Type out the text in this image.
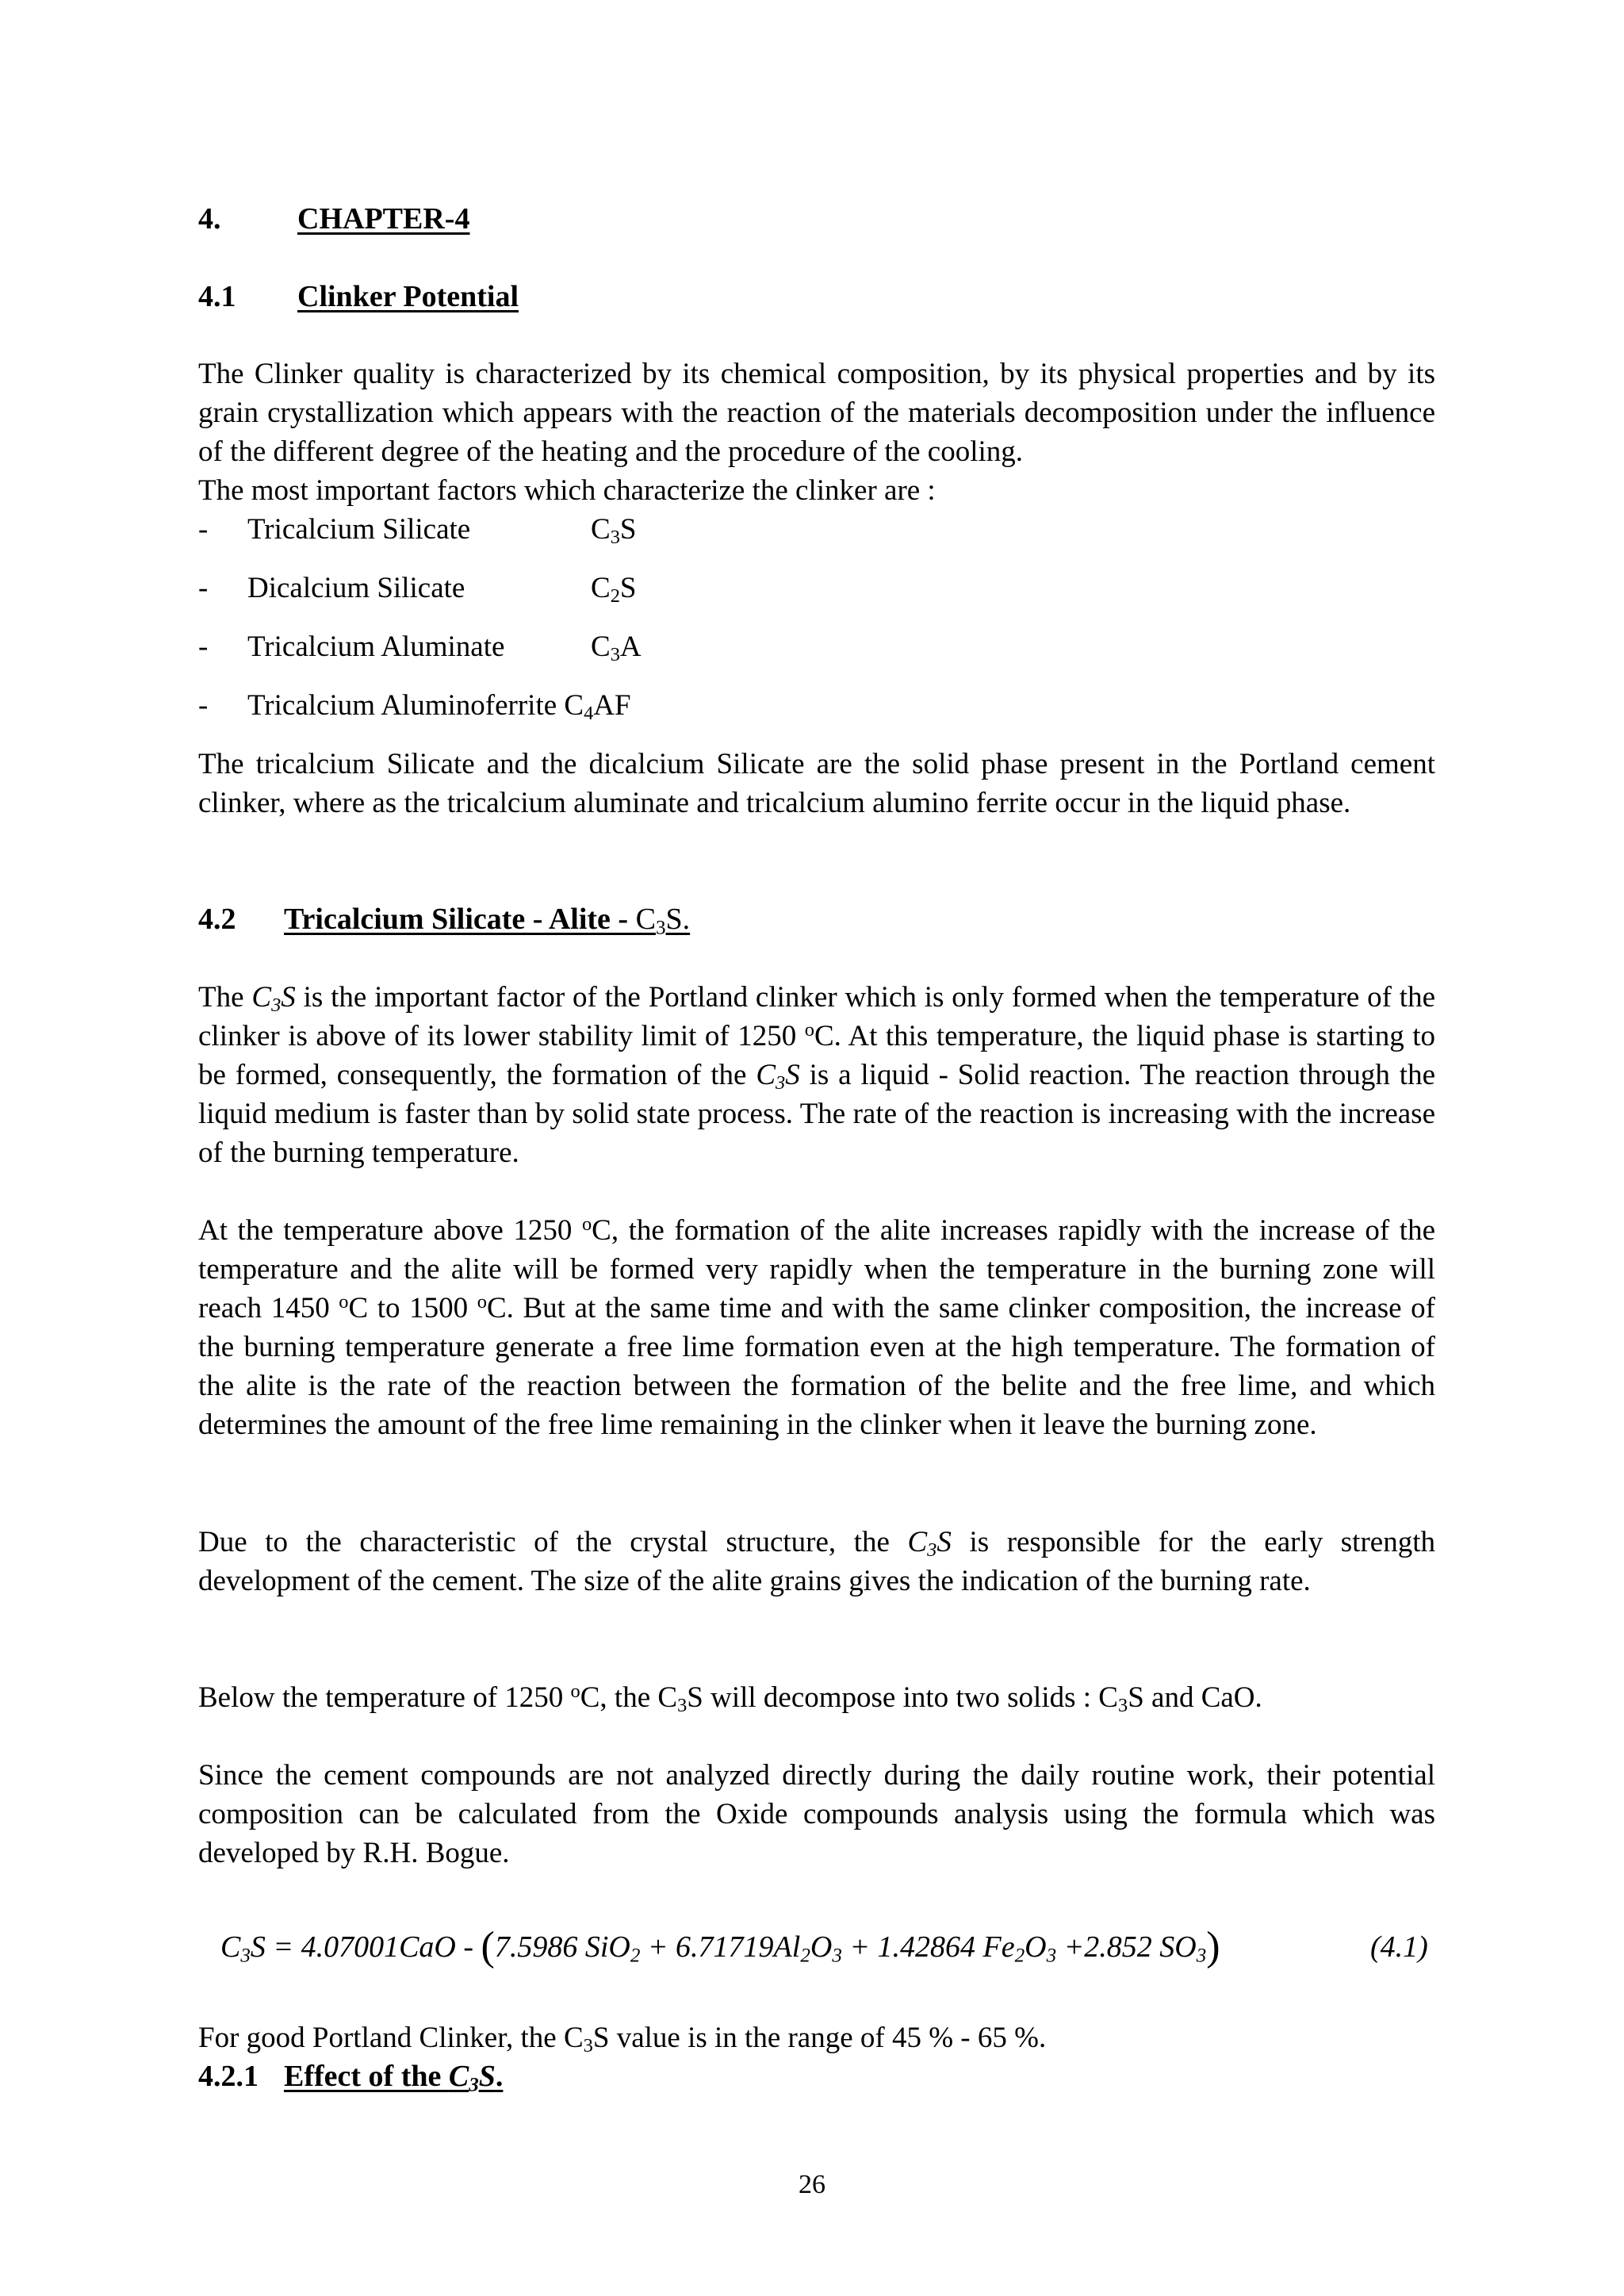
4.	CHAPTER-4
4.1 Clinker Potential
The Clinker quality is characterized by its chemical composition, by its physical properties and by its grain crystallization which appears with the reaction of the materials decomposition under the influence of the different degree of the heating and the procedure of the cooling.
The most important factors which characterize the clinker are :
- Tricalcium Silicate	$C_3S$
- Dicalcium Silicate	$C_2S$
- Tricalcium Aluminate	$C_3A$
- Tricalcium Aluminoferrite $C_4AF$
The tricalcium Silicate and the dicalcium Silicate are the solid phase present in the Portland cement clinker, where as the tricalcium aluminate and tricalcium alumino ferrite occur in the liquid phase.
4.2 Tricalcium Silicate - Alite - $C_3S$.
The $C_3S$ is the important factor of the Portland clinker which is only formed when the temperature of the clinker is above of its lower stability limit of 1250 $^o$C. At this temperature, the liquid phase is starting to be formed, consequently, the formation of the $C_3S$ is a liquid - Solid reaction. The reaction through the liquid medium is faster than by solid state process. The rate of the reaction is increasing with the increase of the burning temperature.
At the temperature above 1250 $^o$C, the formation of the alite increases rapidly with the increase of the temperature and the alite will be formed very rapidly when the temperature in the burning zone will reach 1450 $^o$C to 1500 $^o$C. But at the same time and with the same clinker composition, the increase of the burning temperature generate a free lime formation even at the high temperature. The formation of the alite is the rate of the reaction between the formation of the belite and the free lime, and which determines the amount of the free lime remaining in the clinker when it leave the burning zone.
Due to the characteristic of the crystal structure, the $C_3S$ is responsible for the early strength development of the cement. The size of the alite grains gives the indication of the burning rate.
Below the temperature of 1250 $^o$C, the $C_3S$ will decompose into two solids : $C_3S$ and CaO.
Since the cement compounds are not analyzed directly during the daily routine work, their potential composition can be calculated from the Oxide compounds analysis using the formula which was developed by R.H. Bogue.
$C_3S = 4.07001CaO - (7.5986$ $SiO_2 + 6.71719Al_2O_3 + 1.42864$ $Fe_2O_3 +2.852$ $SO_3$)	(4.1)
For good Portland Clinker, the $C_3S$ value is in the range of 45 % - 65 %.
4.2.1 Effect of the $C_3S$.
26
